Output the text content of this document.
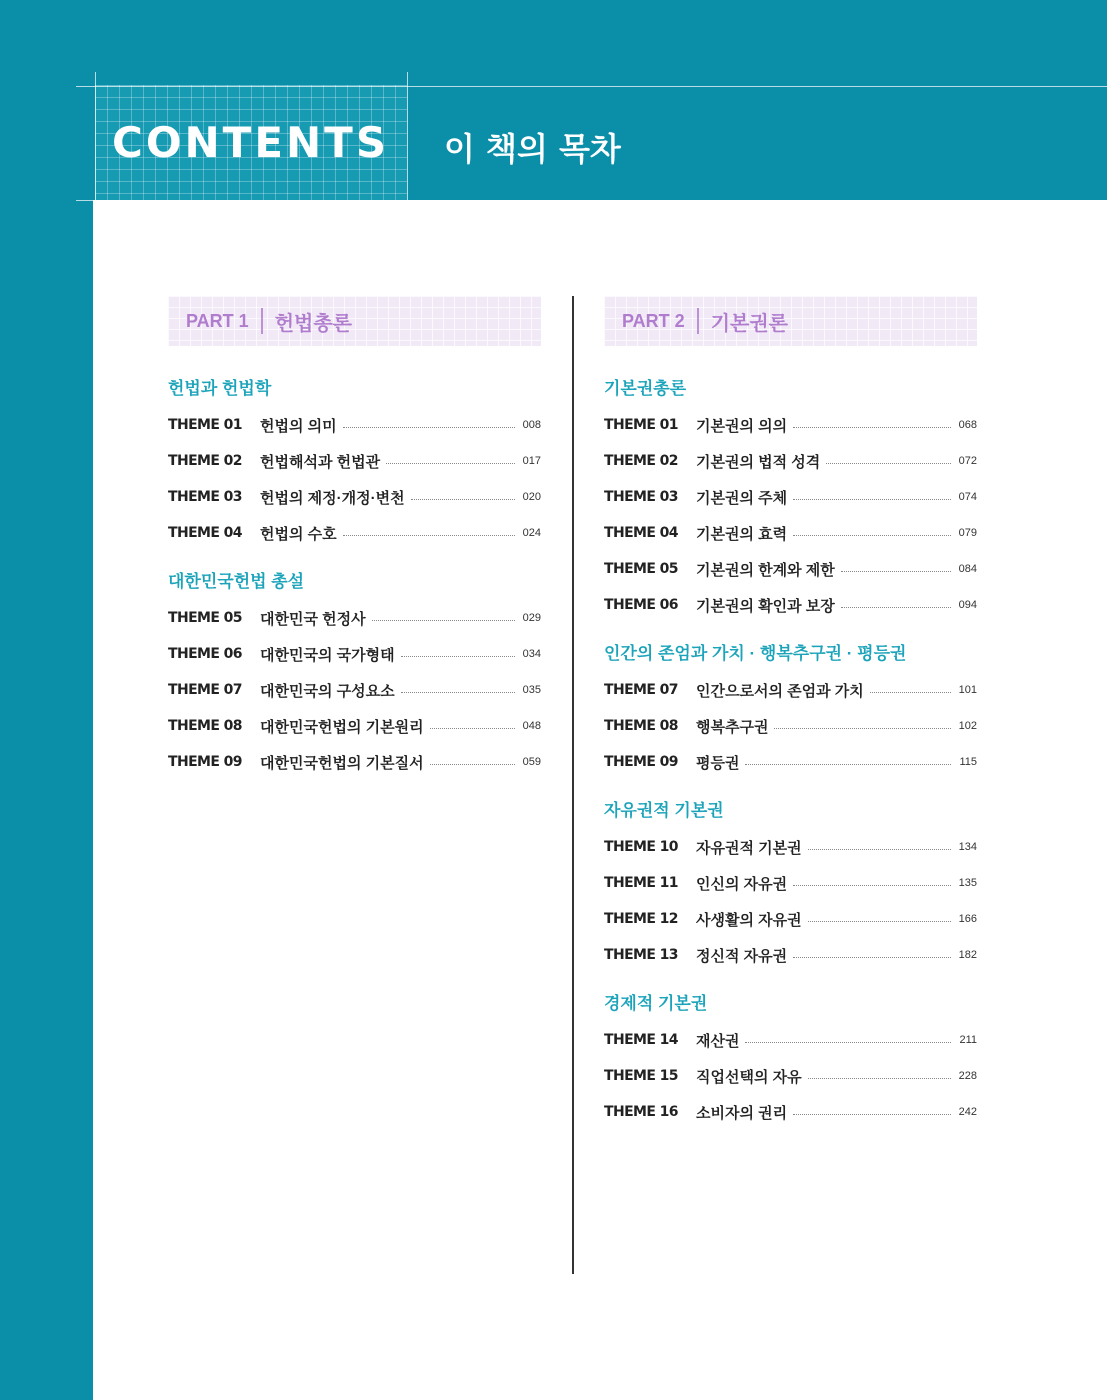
CONTENTS 이 책의 목차
PART 1 헌법총론
헌법과 헌법학
THEME 01	헌법의 의미	008
THEME 02	헌법해석과 헌법관	017
THEME 03	헌법의 제정·개정·변천	020
THEME 04	헌법의 수호	024
대한민국헌법 총설
THEME 05	대한민국 헌정사	029
THEME 06	대한민국의 국가형태	034
THEME 07	대한민국의 구성요소	035
THEME 08	대한민국헌법의 기본원리	048
THEME 09	대한민국헌법의 기본질서	059
PART 2 기본권론
기본권총론
THEME 01	기본권의 의의	068
THEME 02	기본권의 법적 성격	072
THEME 03	기본권의 주체	074
THEME 04	기본권의 효력	079
THEME 05	기본권의 한계와 제한	084
THEME 06	기본권의 확인과 보장	094
인간의 존엄과 가치 · 행복추구권 · 평등권
THEME 07	인간으로서의 존엄과 가치	101
THEME 08	행복추구권	102
THEME 09	평등권	115
자유권적 기본권
THEME 10	자유권적 기본권	134
THEME 11	인신의 자유권	135
THEME 12	사생활의 자유권	166
THEME 13	정신적 자유권	182
경제적 기본권
THEME 14	재산권	211
THEME 15	직업선택의 자유	228
THEME 16	소비자의 권리	242
